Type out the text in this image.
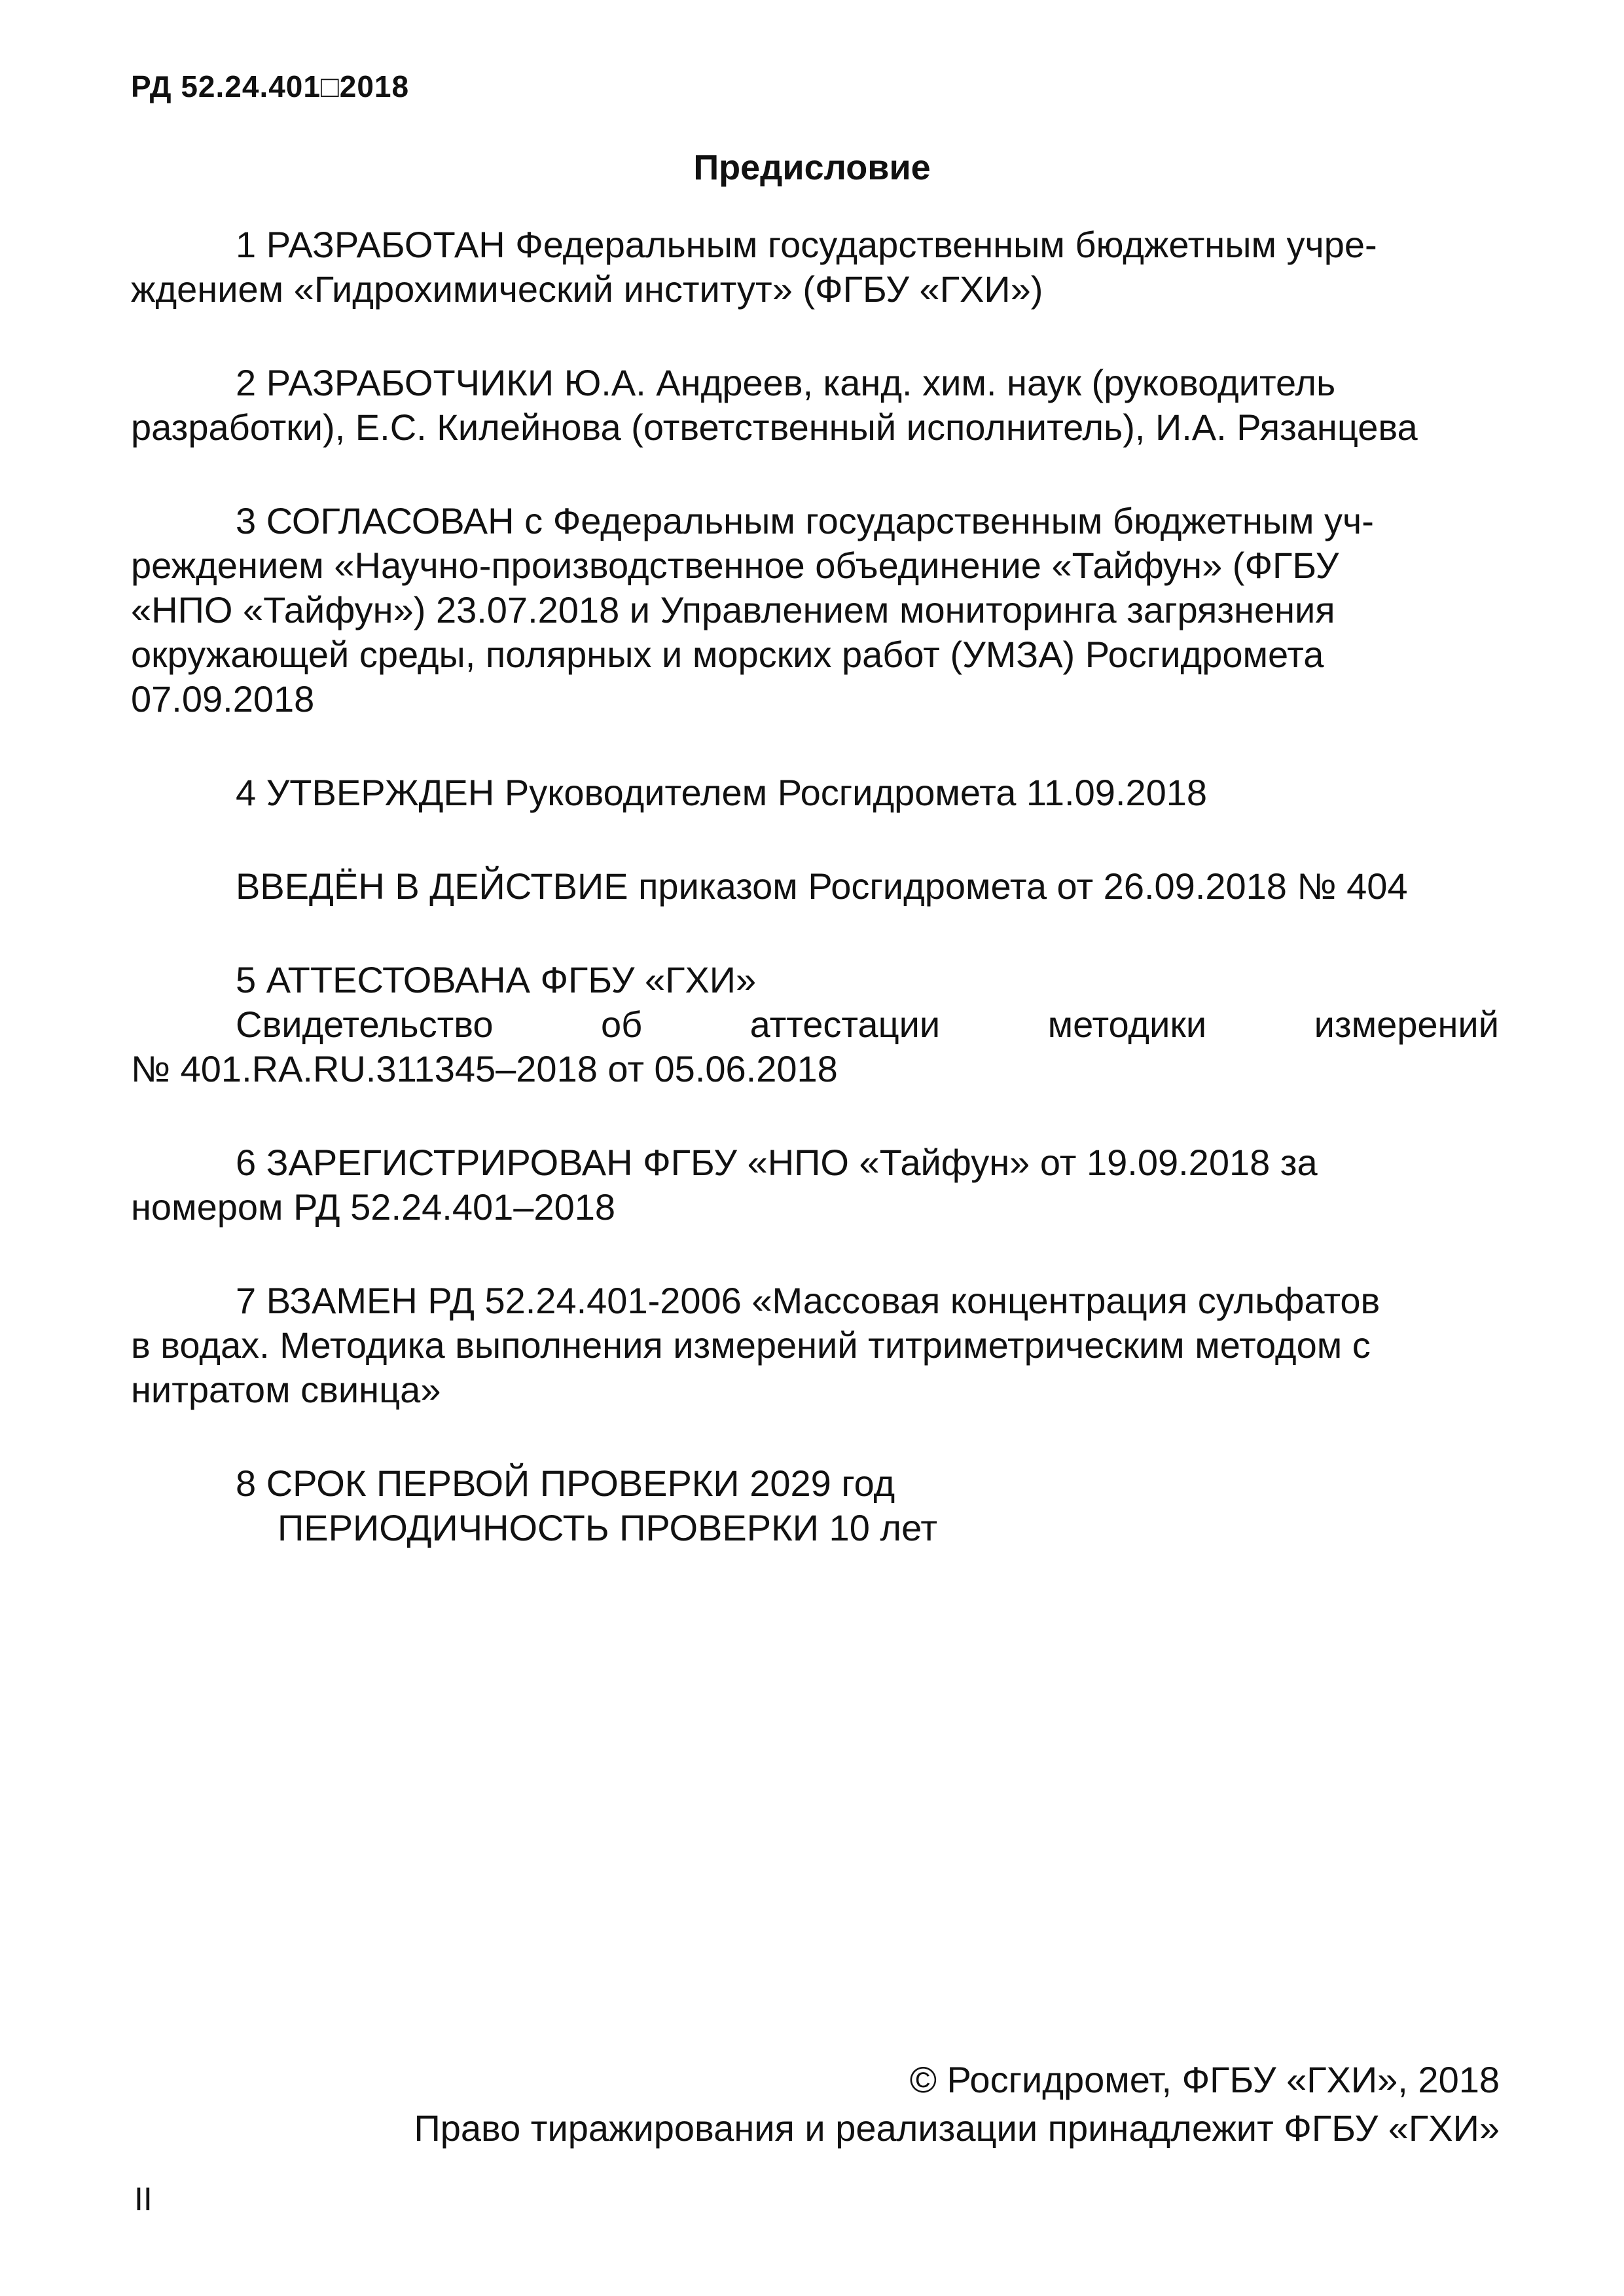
РД 52.24.401□2018
Предисловие
1 РАЗРАБОТАН Федеральным государственным бюджетным учре-
ждением «Гидрохимический институт» (ФГБУ «ГХИ»)
2 РАЗРАБОТЧИКИ Ю.А. Андреев, канд. хим. наук (руководитель
разработки), Е.С. Килейнова (ответственный исполнитель), И.А. Рязанцева
3 СОГЛАСОВАН с Федеральным государственным бюджетным уч-
реждением «Научно-производственное объединение «Тайфун» (ФГБУ
«НПО «Тайфун») 23.07.2018 и Управлением мониторинга загрязнения
окружающей среды, полярных и морских работ (УМЗА) Росгидромета
07.09.2018
4 УТВЕРЖДЕН Руководителем Росгидромета 11.09.2018
ВВЕДЁН В ДЕЙСТВИЕ приказом Росгидромета от 26.09.2018 № 404
5 АТТЕСТОВАНА ФГБУ «ГХИ»
Свидетельство	об	аттестации	методики	измерений
№ 401.RA.RU.311345–2018 от 05.06.2018
6 ЗАРЕГИСТРИРОВАН ФГБУ «НПО «Тайфун» от 19.09.2018 за
номером РД 52.24.401–2018
7 ВЗАМЕН РД 52.24.401-2006 «Массовая концентрация сульфатов
в водах. Методика выполнения измерений титриметрическим методом с
нитратом свинца»
8 СРОК ПЕРВОЙ ПРОВЕРКИ 2029 год
ПЕРИОДИЧНОСТЬ ПРОВЕРКИ 10 лет
© Росгидромет, ФГБУ «ГХИ», 2018
Право тиражирования и реализации принадлежит ФГБУ «ГХИ»
II
